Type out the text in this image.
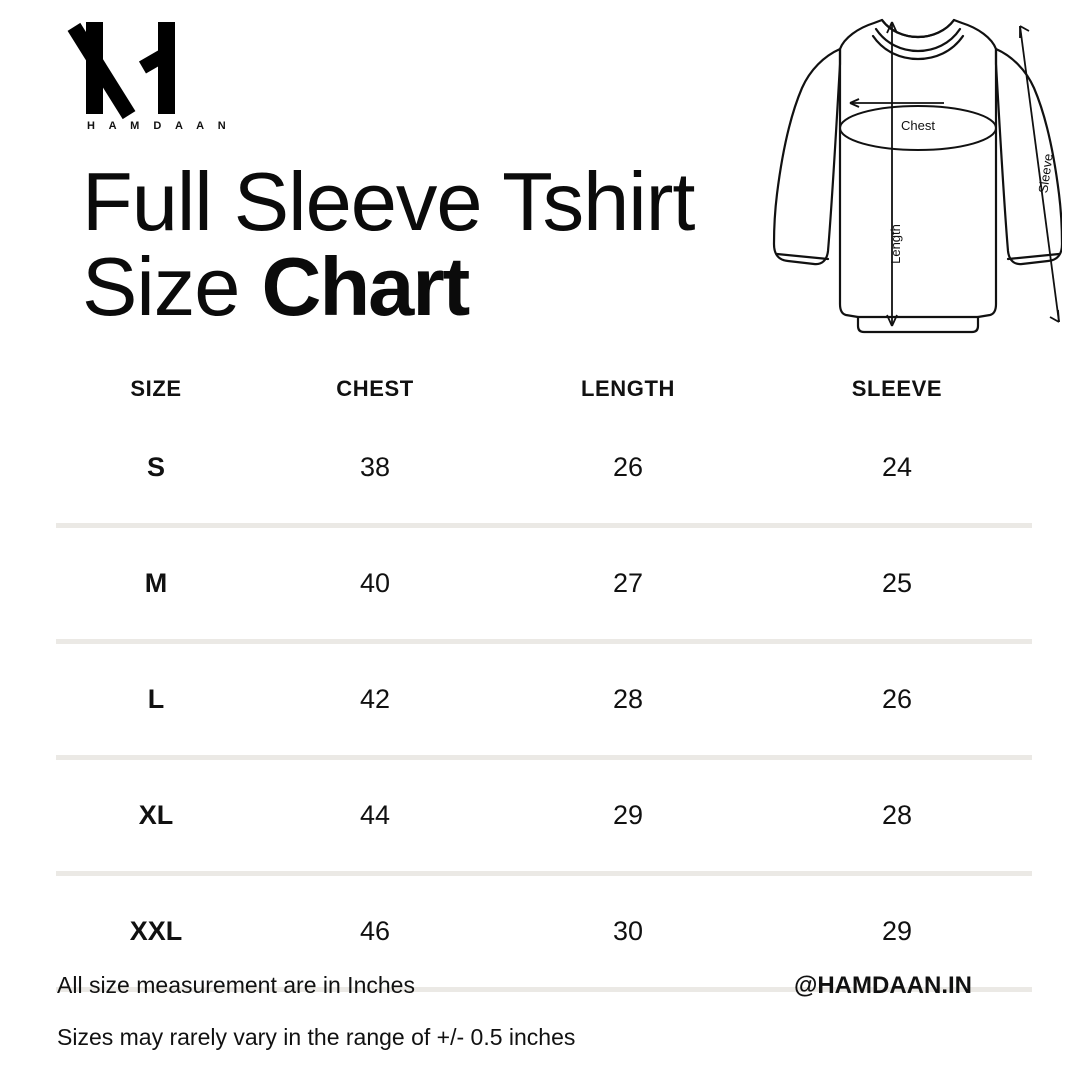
H A M D A A N
Full Sleeve Tshirt
Size Chart
Chest
Length
Sleeve
SIZE	CHEST	LENGTH	SLEEVE
S	38	26	24
M	40	27	25
L	42	28	26
XL	44	29	28
XXL	46	30	29
All size measurement are in Inches
Sizes may rarely vary in the range of +/- 0.5 inches
@HAMDAAN.IN
